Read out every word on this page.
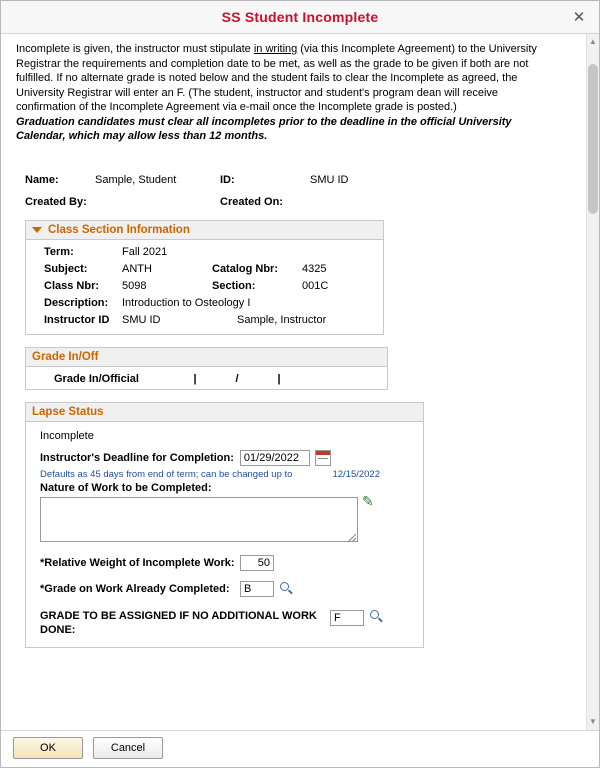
SS Student Incomplete	✕

Incomplete is given, the instructor must stipulate in writing (via this Incomplete Agreement) to the University Registrar the requirements and completion date to be met, as well as the grade to be given if both are not fulfilled. If no alternate grade is noted below and the student fails to clear the Incomplete as agreed, the University Registrar will enter an F. (The student, instructor and student's program dean will receive confirmation of the Incomplete Agreement via e-mail once the Incomplete grade is posted.)

Graduation candidates must clear all incompletes prior to the deadline in the official University Calendar, which may allow less than 12 months.

Name:	Sample, Student	ID:	SMU ID
Created By:	Created On:
Class Section Information
Term:	Fall 2021
Subject:	ANTH	Catalog Nbr:	4325
Class Nbr:	5098	Section:	001C
Description:	Introduction to Osteology I
Instructor ID	SMU ID	Sample, Instructor
Grade In/Off
Grade In/Official	|	/	|
Lapse Status
Incomplete
Instructor's Deadline for Completion:
01/29/2022
Defaults as 45 days from end of term; can be changed up to	12/15/2022
Nature of Work to be Completed:
✎
*Relative Weight of Incomplete Work:
50
*Grade on Work Already Completed:
B
GRADE TO BE ASSIGNED IF NO ADDITIONAL WORK DONE:
F
▲
▼
OK	Cancel
